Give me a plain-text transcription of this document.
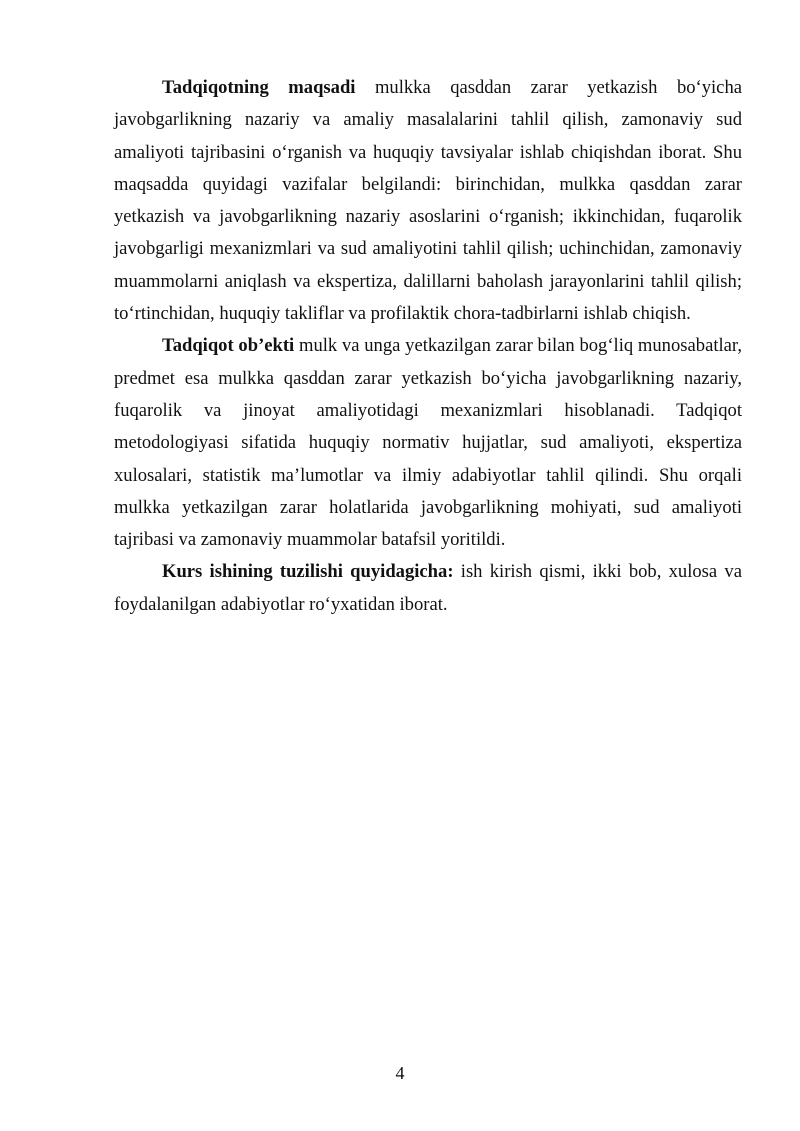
Tadqiqotning maqsadi mulkka qasddan zarar yetkazish bo‘yicha javobgarlikning nazariy va amaliy masalalarini tahlil qilish, zamonaviy sud amaliyoti tajribasini o‘rganish va huquqiy tavsiyalar ishlab chiqishdan iborat. Shu maqsadda quyidagi vazifalar belgilandi: birinchidan, mulkka qasddan zarar yetkazish va javobgarlikning nazariy asoslarini o‘rganish; ikkinchidan, fuqarolik javobgarligi mexanizmlari va sud amaliyotini tahlil qilish; uchinchidan, zamonaviy muammolarni aniqlash va ekspertiza, dalillarni baholash jarayonlarini tahlil qilish; to‘rtinchidan, huquqiy takliflar va profilaktik chora-tadbirlarni ishlab chiqish.

Tadqiqot ob’ekti mulk va unga yetkazilgan zarar bilan bog‘liq munosabatlar, predmet esa mulkka qasddan zarar yetkazish bo‘yicha javobgarlikning nazariy, fuqarolik va jinoyat amaliyotidagi mexanizmlari hisoblanadi. Tadqiqot metodologiyasi sifatida huquqiy normativ hujjatlar, sud amaliyoti, ekspertiza xulosalari, statistik ma’lumotlar va ilmiy adabiyotlar tahlil qilindi. Shu orqali mulkka yetkazilgan zarar holatlarida javobgarlikning mohiyati, sud amaliyoti tajribasi va zamonaviy muammolar batafsil yoritildi.

Kurs ishining tuzilishi quyidagicha: ish kirish qismi, ikki bob, xulosa va foydalanilgan adabiyotlar ro‘yxatidan iborat.

4
